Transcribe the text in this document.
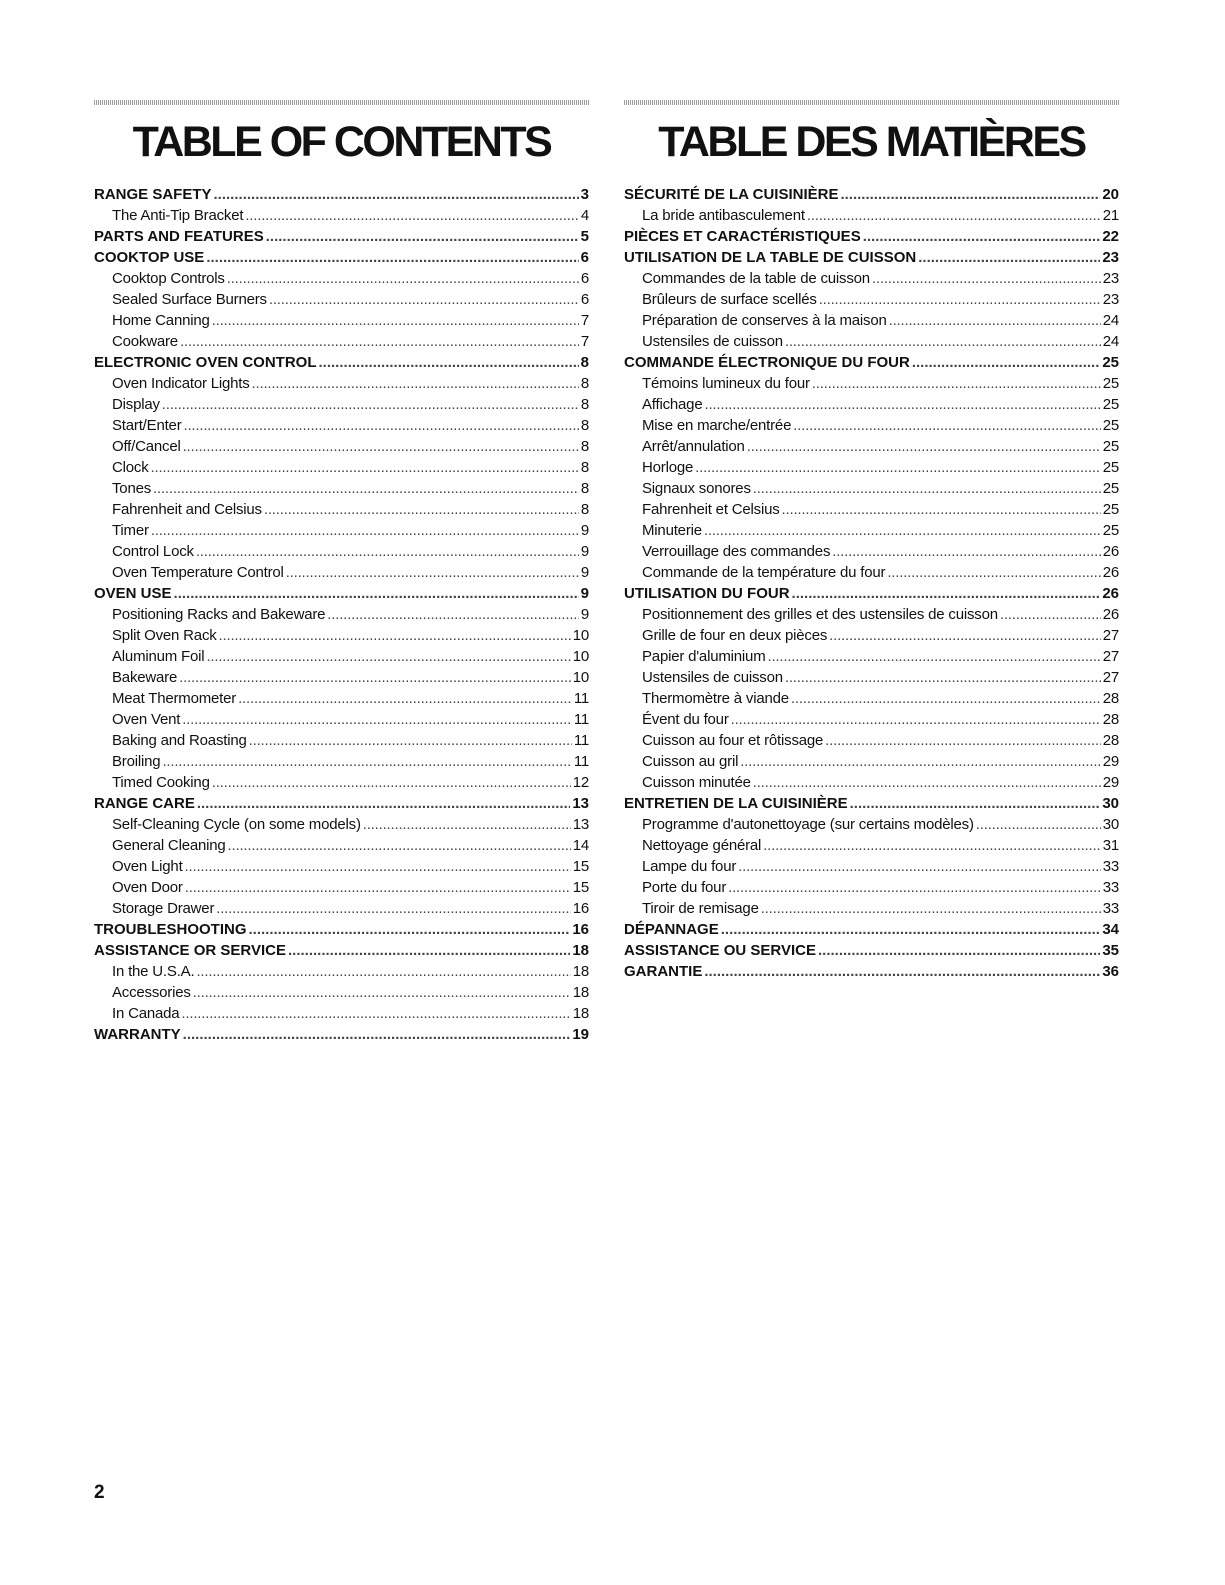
TABLE OF CONTENTS
RANGE SAFETY .....	3
The Anti-Tip Bracket .....	4
PARTS AND FEATURES .....	5
COOKTOP USE .....	6
Cooktop Controls .....	6
Sealed Surface Burners .....	6
Home Canning .....	7
Cookware .....	7
ELECTRONIC OVEN CONTROL .....	8
Oven Indicator Lights .....	8
Display .....	8
Start/Enter .....	8
Off/Cancel .....	8
Clock .....	8
Tones .....	8
Fahrenheit and Celsius .....	8
Timer .....	9
Control Lock .....	9
Oven Temperature Control .....	9
OVEN USE .....	9
Positioning Racks and Bakeware .....	9
Split Oven Rack .....	10
Aluminum Foil .....	10
Bakeware .....	10
Meat Thermometer .....	11
Oven Vent .....	11
Baking and Roasting .....	11
Broiling .....	11
Timed Cooking .....	12
RANGE CARE .....	13
Self-Cleaning Cycle (on some models) .....	13
General Cleaning .....	14
Oven Light .....	15
Oven Door .....	15
Storage Drawer .....	16
TROUBLESHOOTING .....	16
ASSISTANCE OR SERVICE .....	18
In the U.S.A. .....	18
Accessories .....	18
In Canada .....	18
WARRANTY .....	19
TABLE DES MATIÈRES
SÉCURITÉ DE LA CUISINIÈRE .....	20
La bride antibasculement .....	21
PIÈCES ET CARACTÉRISTIQUES .....	22
UTILISATION DE LA TABLE DE CUISSON .....	23
Commandes de la table de cuisson .....	23
Brûleurs de surface scellés .....	23
Préparation de conserves à la maison .....	24
Ustensiles de cuisson .....	24
COMMANDE ÉLECTRONIQUE DU FOUR .....	25
Témoins lumineux du four .....	25
Affichage .....	25
Mise en marche/entrée .....	25
Arrêt/annulation .....	25
Horloge .....	25
Signaux sonores .....	25
Fahrenheit et Celsius .....	25
Minuterie .....	25
Verrouillage des commandes .....	26
Commande de la température du four .....	26
UTILISATION DU FOUR .....	26
Positionnement des grilles et des ustensiles de cuisson .....	26
Grille de four en deux pièces .....	27
Papier d'aluminium .....	27
Ustensiles de cuisson .....	27
Thermomètre à viande .....	28
Évent du four .....	28
Cuisson au four et rôtissage .....	28
Cuisson au gril .....	29
Cuisson minutée .....	29
ENTRETIEN DE LA CUISINIÈRE .....	30
Programme d'autonettoyage (sur certains modèles) .....	30
Nettoyage général .....	31
Lampe du four .....	33
Porte du four .....	33
Tiroir de remisage .....	33
DÉPANNAGE .....	34
ASSISTANCE OU SERVICE .....	35
GARANTIE .....	36
2
